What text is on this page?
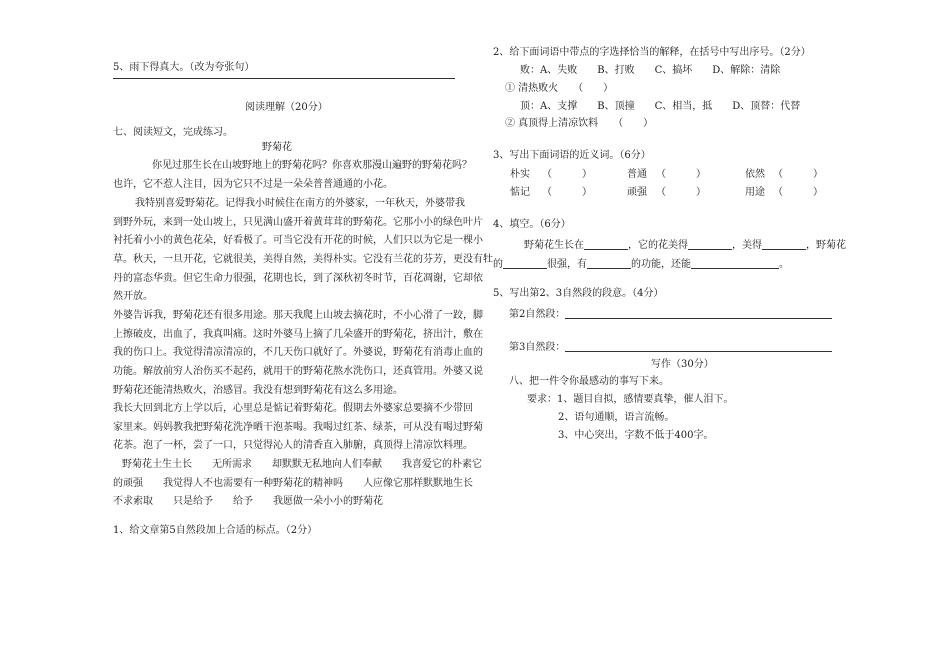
5、雨下得真大。（改为夸张句）
阅读理解（20分）
七、阅读短文，完成练习。
野菊花
你见过那生长在山坡野地上的野菊花吗？你喜欢那漫山遍野的野菊花吗？
也许，它不惹人注目，因为它只不过是一朵朵普普通通的小花。
我特别喜爱野菊花。记得我小时候住在南方的外婆家，一年秋天，外婆带我
到野外玩，来到一处山坡上，只见满山盛开着黄茸茸的野菊花。它那小小的绿色叶片
衬托着小小的黄色花朵，好看极了。可当它没有开花的时候，人们只以为它是一棵小
草。秋天，一旦开花，它就很美，美得自然，美得朴实。它没有兰花的芬芳，更没有牡
丹的富态华贵。但它生命力很强，花期也长，到了深秋初冬时节，百花凋谢，它却依
然开放。
外婆告诉我，野菊花还有很多用途。那天我爬上山坡去摘花时，不小心滑了一跤，脚
上擦破皮，出血了，我真叫痛。这时外婆马上摘了几朵盛开的野菊花，挤出汁，敷在
我的伤口上。我觉得清凉清凉的，不几天伤口就好了。外婆说，野菊花有消毒止血的
功能。解放前穷人治伤买不起药，就用干的野菊花熬水洗伤口，还真管用。外婆又说
野菊花还能清热败火，治感冒。我没有想到野菊花有这么多用途。
我长大回到北方上学以后，心里总是惦记着野菊花。假期去外婆家总要摘不少带回
家里来。妈妈教我把野菊花洗净晒干泡茶喝。我喝过红茶、绿茶，可从没有喝过野菊
花茶。泡了一杯，尝了一口，只觉得沁人的清香直入肺腑，真顶得上清凉饮料理。
野菊花土生土长　　无所需求　　却默默无私地向人们奉献　　我喜爱它的朴素它
的顽强　　我觉得人不也需要有一种野菊花的精神吗　　人应像它那样默默地生长
不求索取　　只是给予　　给予　　我愿做一朵小小的野菊花
1、给文章第5自然段加上合适的标点。（2分）
2、给下面词语中带点的字选择恰当的解释，在括号中写出序号。（2分）
败：A、失败　　B、打败　　C、搞坏　　D、解除：清除
① 清热败火　　（　　）
顶：A、支撑　　B、顶撞　　C、相当，抵　　D、顶替：代替
② 真顶得上清凉饮料　　（　　）
3、写出下面词语的近义词。（6分）
朴实 （　　　）	普通 （　　　）	依然 （　　　）
惦记 （　　　）	顽强 （　　　）	用途 （　　　）
4、填空。（6分）
野菊花生长在	，它的花美得	，美得	，野菊花
的	很强，有	的功能，还能	。
5、写出第2、3自然段的段意。（4分）
第2自然段：
第3自然段：
写作（30分）
八、把一件令你最感动的事写下来。
要求：1、题目自拟，感情要真挚，催人泪下。
2、语句通顺，语言流畅。
3、中心突出，字数不低于400字。
